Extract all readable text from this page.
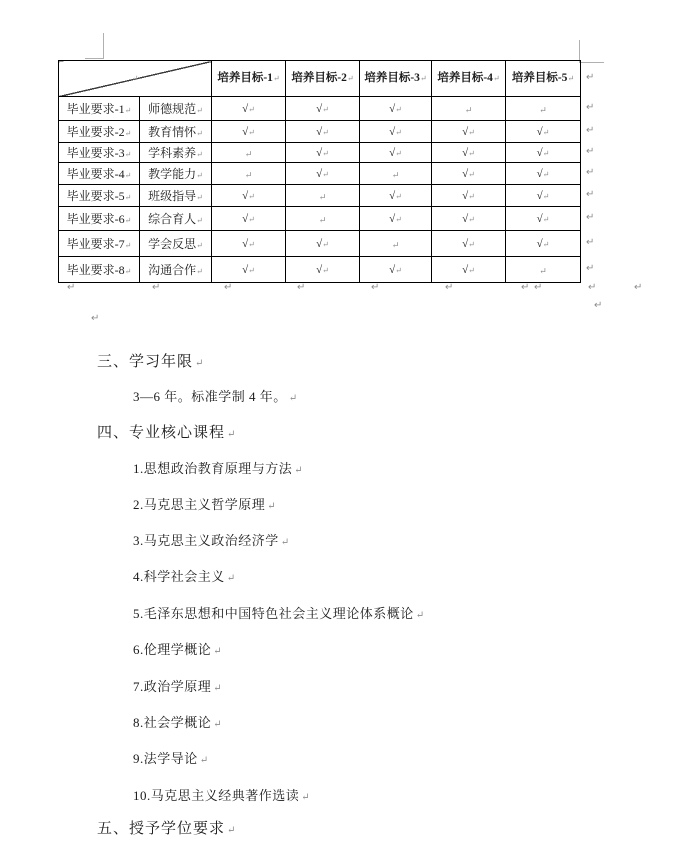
↵		培养目标-1↵	培养目标-2↵	培养目标-3↵	培养目标-4↵	培养目标-5↵
毕业要求-1↵	师德规范↵	√↵	√↵	√↵	↵	↵
毕业要求-2↵	教育情怀↵	√↵	√↵	√↵	√↵	√↵
毕业要求-3↵	学科素养↵	↵	√↵	√↵	√↵	√↵
毕业要求-4↵	教学能力↵	↵	√↵	↵	√↵	√↵
毕业要求-5↵	班级指导↵	√↵	↵	√↵	√↵	√↵
毕业要求-6↵	综合育人↵	√↵	↵	√↵	√↵	√↵
毕业要求-7↵	学会反思↵	√↵	√↵	↵	√↵	√↵
毕业要求-8↵	沟通合作↵	√↵	√↵	√↵	√↵	↵
↵
↵
↵
↵
↵
↵
↵
↵
↵
↵	↵	↵	↵	↵	↵	↵ ↵	↵	↵
↵
↵
三、学习年限 ↵
3—6 年。标准学制 4 年。 ↵
四、专业核心课程 ↵
1.思想政治教育原理与方法 ↵
2.马克思主义哲学原理 ↵
3.马克思主义政治经济学 ↵
4.科学社会主义 ↵
5.毛泽东思想和中国特色社会主义理论体系概论 ↵
6.伦理学概论 ↵
7.政治学原理 ↵
8.社会学概论 ↵
9.法学导论 ↵
10.马克思主义经典著作选读 ↵
五、授予学位要求 ↵
